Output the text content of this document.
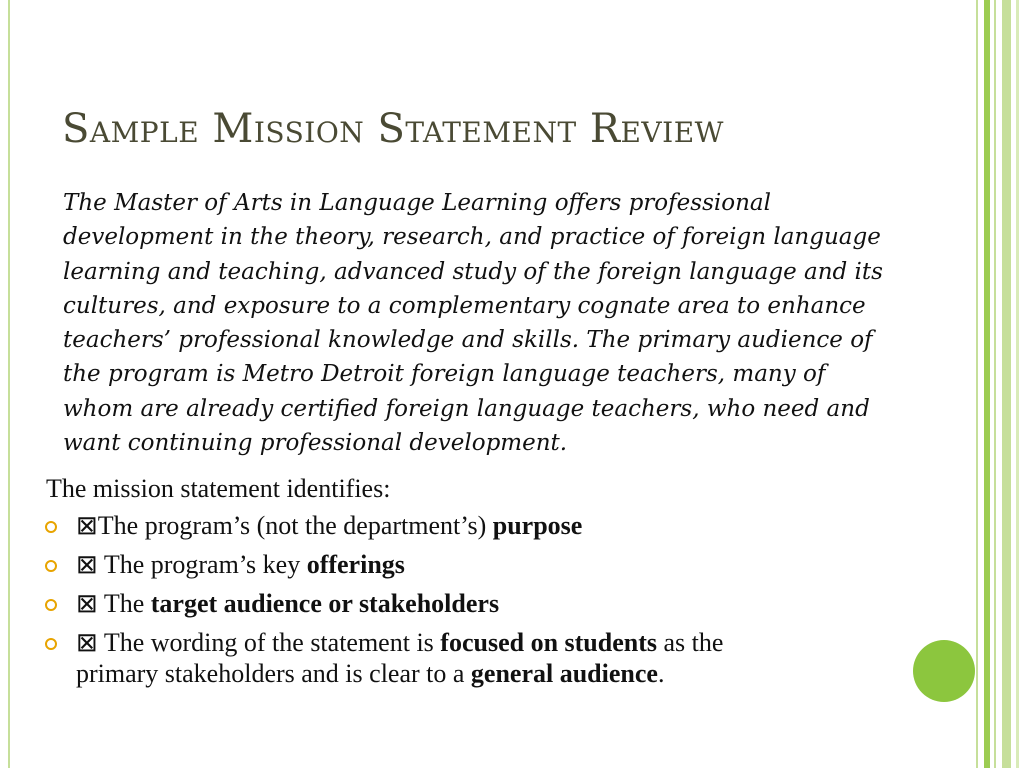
Sample Mission Statement Review

The Master of Arts in Language Learning offers professional
development in the theory, research, and practice of foreign language
learning and teaching, advanced study of the foreign language and its
cultures, and exposure to a complementary cognate area to enhance
teachers’ professional knowledge and skills. The primary audience of
the program is Metro Detroit foreign language teachers, many of
whom are already certified foreign language teachers, who need and
want continuing professional development.

The mission statement identifies:

⊠The program’s (not the department’s) purpose
⊠ The program’s key offerings
⊠ The target audience or stakeholders
⊠ The wording of the statement is focused on students as the
primary stakeholders and is clear to a general audience.
